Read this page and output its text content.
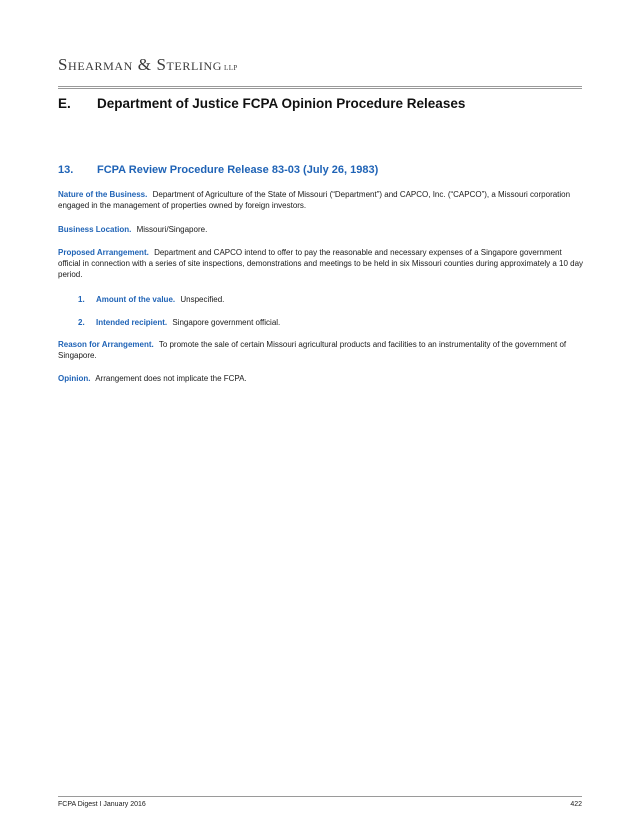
Shearman & Sterling LLP
E. Department of Justice FCPA Opinion Procedure Releases
13. FCPA Review Procedure Release 83-03 (July 26, 1983)
Nature of the Business. Department of Agriculture of the State of Missouri (“Department”) and CAPCO, Inc. (“CAPCO”), a Missouri corporation engaged in the management of properties owned by foreign investors.
Business Location. Missouri/Singapore.
Proposed Arrangement. Department and CAPCO intend to offer to pay the reasonable and necessary expenses of a Singapore government official in connection with a series of site inspections, demonstrations and meetings to be held in six Missouri counties during approximately a 10 day period.
1. Amount of the value. Unspecified.
2. Intended recipient. Singapore government official.
Reason for Arrangement. To promote the sale of certain Missouri agricultural products and facilities to an instrumentality of the government of Singapore.
Opinion. Arrangement does not implicate the FCPA.
FCPA Digest I January 2016	422
